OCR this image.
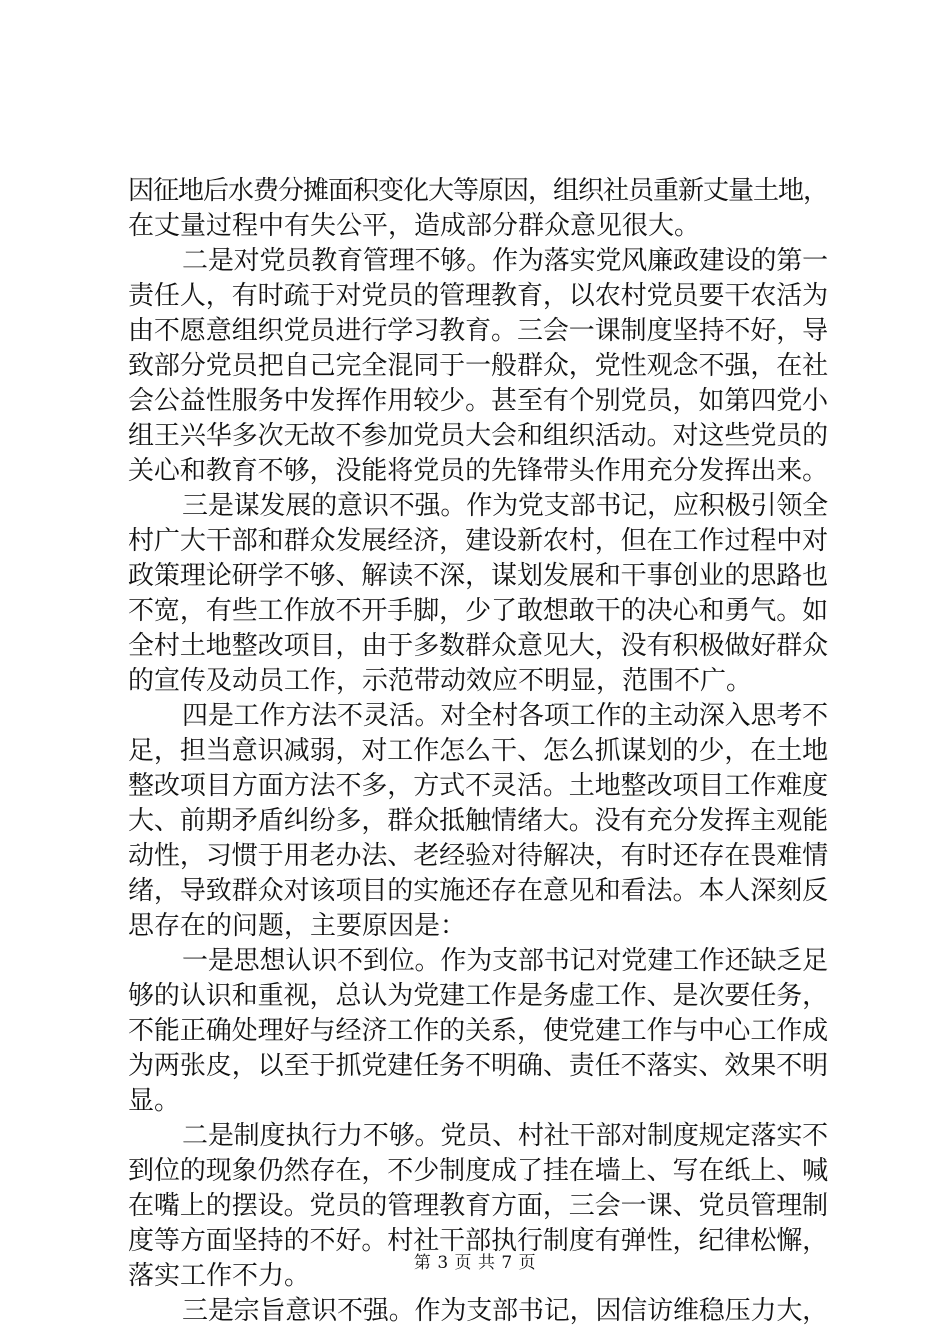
因征地后水费分摊面积变化大等原因，组织社员重新丈量土地，
在丈量过程中有失公平，造成部分群众意见很大。
二是对党员教育管理不够。作为落实党风廉政建设的第一
责任人，有时疏于对党员的管理教育，以农村党员要干农活为
由不愿意组织党员进行学习教育。三会一课制度坚持不好，导
致部分党员把自己完全混同于一般群众，党性观念不强，在社
会公益性服务中发挥作用较少。甚至有个别党员，如第四党小
组王兴华多次无故不参加党员大会和组织活动。对这些党员的
关心和教育不够，没能将党员的先锋带头作用充分发挥出来。
三是谋发展的意识不强。作为党支部书记，应积极引领全
村广大干部和群众发展经济，建设新农村，但在工作过程中对
政策理论研学不够、解读不深，谋划发展和干事创业的思路也
不宽，有些工作放不开手脚，少了敢想敢干的决心和勇气。如
全村土地整改项目，由于多数群众意见大，没有积极做好群众
的宣传及动员工作，示范带动效应不明显，范围不广。
四是工作方法不灵活。对全村各项工作的主动深入思考不
足，担当意识减弱，对工作怎么干、怎么抓谋划的少，在土地
整改项目方面方法不多，方式不灵活。土地整改项目工作难度
大、前期矛盾纠纷多，群众抵触情绪大。没有充分发挥主观能
动性，习惯于用老办法、老经验对待解决，有时还存在畏难情
绪，导致群众对该项目的实施还存在意见和看法。本人深刻反
思存在的问题，主要原因是：
一是思想认识不到位。作为支部书记对党建工作还缺乏足
够的认识和重视，总认为党建工作是务虚工作、是次要任务，
不能正确处理好与经济工作的关系，使党建工作与中心工作成
为两张皮，以至于抓党建任务不明确、责任不落实、效果不明
显。
二是制度执行力不够。党员、村社干部对制度规定落实不
到位的现象仍然存在，不少制度成了挂在墙上、写在纸上、喊
在嘴上的摆设。党员的管理教育方面，三会一课、党员管理制
度等方面坚持的不好。村社干部执行制度有弹性，纪律松懈，
落实工作不力。
三是宗旨意识不强。作为支部书记，因信访维稳压力大，
第 3 页 共 7 页
